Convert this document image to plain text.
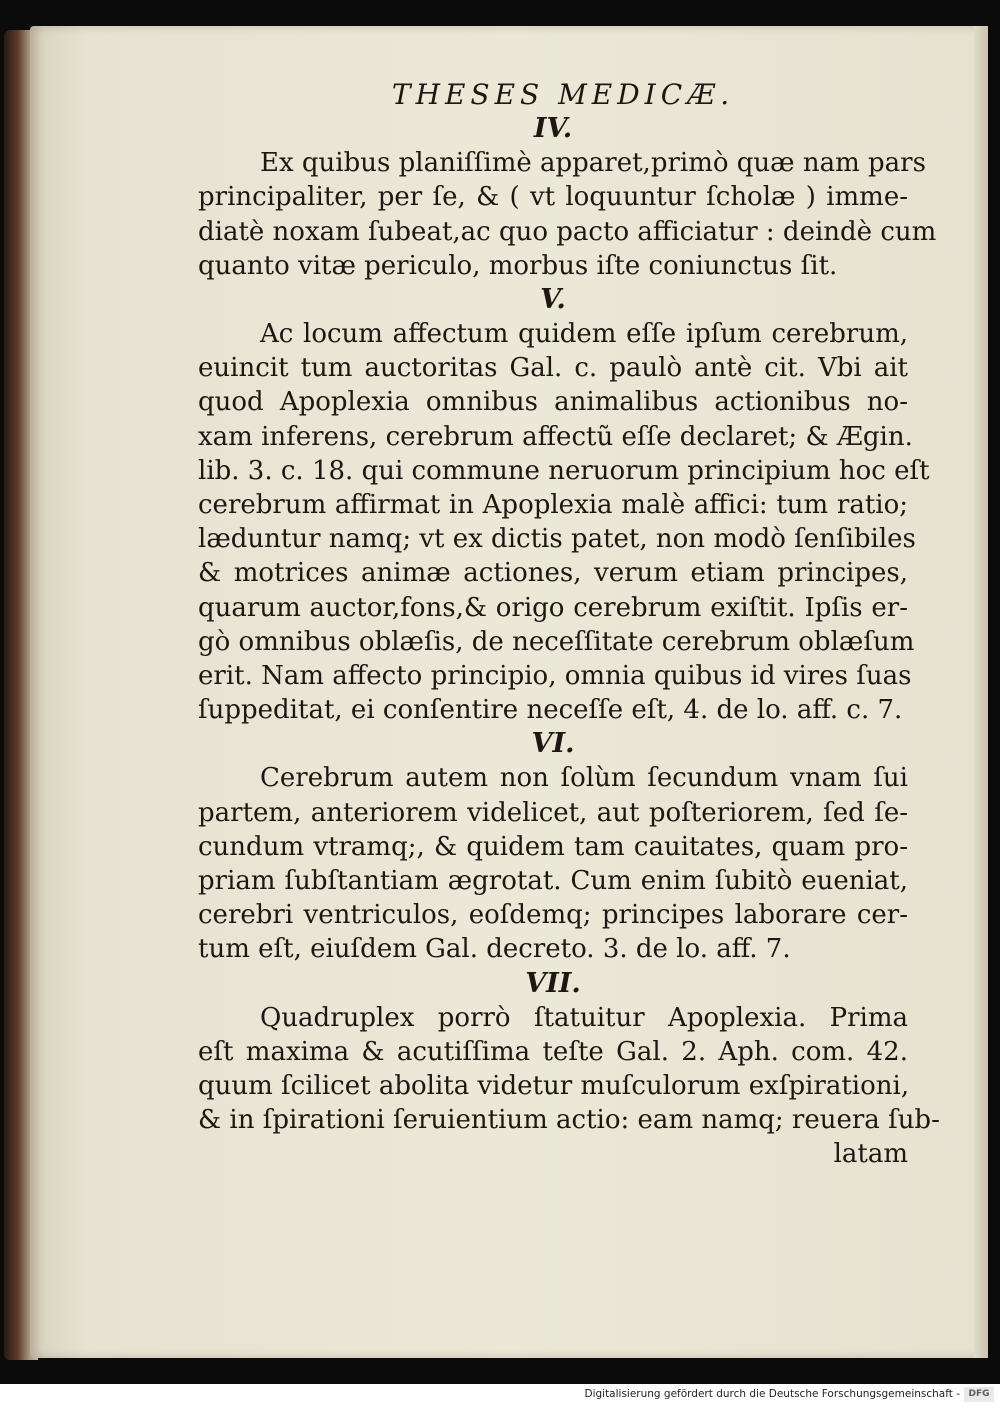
THESES MEDICÆ.
IV.
Ex quibus planiſſimè apparet,primò quæ nam pars
principaliter, per ſe, & ( vt loquuntur ſcholæ ) imme-
diatè noxam ſubeat,ac quo pacto afficiatur : deindè cum
quanto vitæ periculo, morbus iſte coniunctus ſit.
V.
Ac locum affectum quidem eſſe ipſum cerebrum,
euincit tum auctoritas Gal. c. paulò antè cit. Vbi ait
quod Apoplexia omnibus animalibus actionibus no-
xam inferens, cerebrum affectũ eſſe declaret; & Ægin.
lib. 3. c. 18. qui commune neruorum principium hoc eſt
cerebrum affirmat in Apoplexia malè affici: tum ratio;
læduntur namq; vt ex dictis patet, non modò ſenſibiles
& motrices animæ actiones, verum etiam principes,
quarum auctor,fons,& origo cerebrum exiſtit. Ipſis er-
gò omnibus oblæſis, de neceſſitate cerebrum oblæſum
erit. Nam affecto principio, omnia quibus id vires ſuas
ſuppeditat, ei conſentire neceſſe eſt, 4. de lo. aff. c. 7.
VI.
Cerebrum autem non ſolùm ſecundum vnam ſui
partem, anteriorem videlicet, aut poſteriorem, ſed ſe-
cundum vtramq;, & quidem tam cauitates, quam pro-
priam ſubſtantiam ægrotat. Cum enim ſubitò eueniat,
cerebri ventriculos, eoſdemq; principes laborare cer-
tum eſt, eiuſdem Gal. decreto. 3. de lo. aff. 7.
VII.
Quadruplex porrò ſtatuitur Apoplexia. Prima
eſt maxima & acutiſſima teſte Gal. 2. Aph. com. 42.
quum ſcilicet abolita videtur muſculorum exſpirationi,
& in ſpirationi ſeruientium actio: eam namq; reuera ſub-
latam
Digitalisierung gefördert durch die Deutsche Forschungsgemeinschaft - DFG
